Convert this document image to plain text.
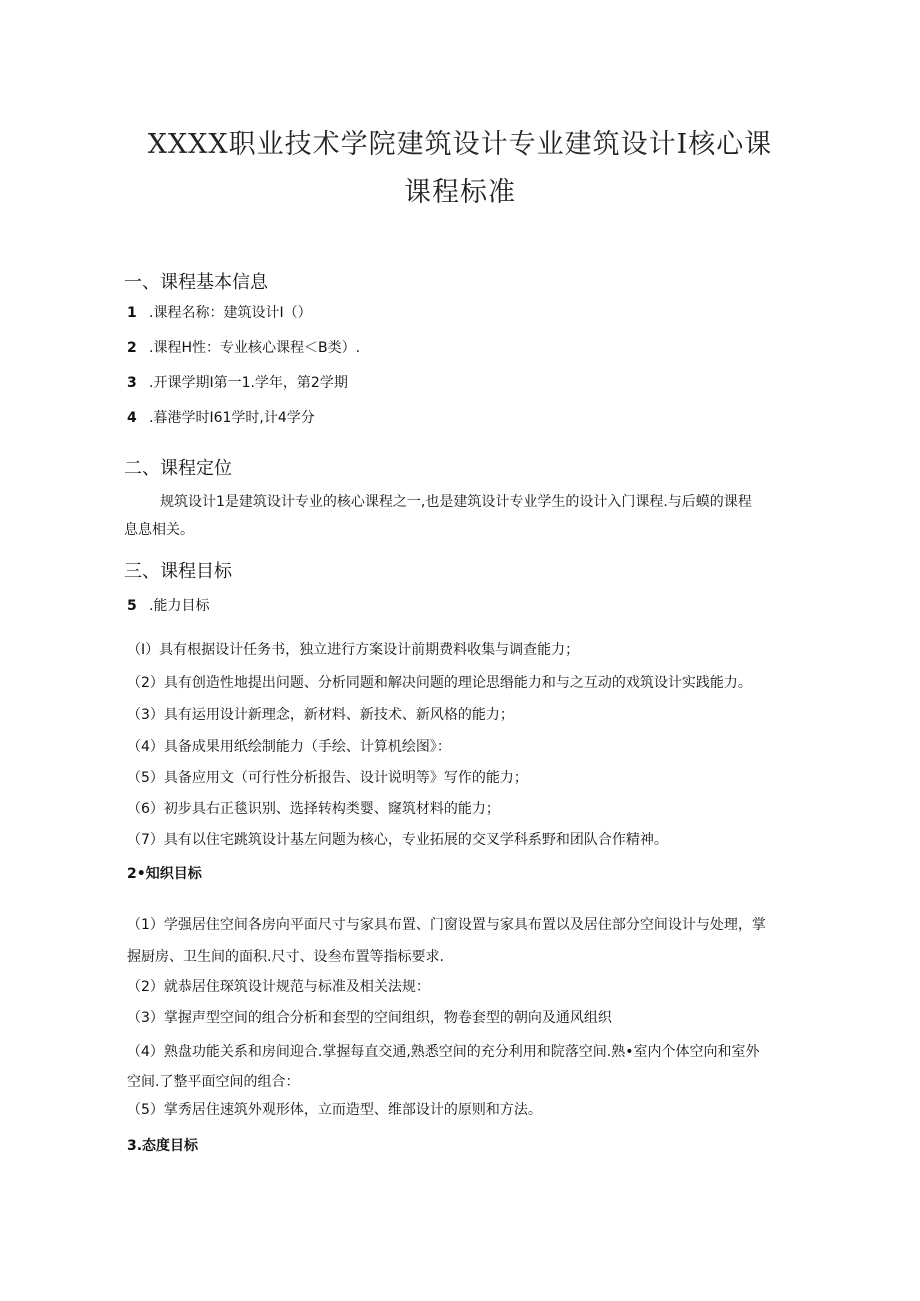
XXXX职业技术学院建筑设计专业建筑设计I核心课
课程标准
一、课程基本信息

1 .课程名称：建筑设计I（）

2 .课程H性：专业核心课程＜B类）.

3 .开课学期I第一1.学年，第2学期

4 .暮港学时I61学时,计4学分

二、课程定位

规筑设计1是建筑设计专业的核心课程之一,也是建筑设计专业学生的设计入门课程.与后蟆的课程息息相关。

三、课程目标

5 .能力目标

（I）具有根据设计任务书，独立进行方案设计前期费料收集与调查能力；

（2）具有创造性地提出问题、分析同题和解决问题的理论思缗能力和与之互动的戏筑设计实践能力。

（3）具有运用设计新理念，新材料、新技术、新风格的能力；

（4）具备成果用纸绘制能力（手绘、计算机绘图》：

（5）具备应用文（可行性分析报告、设计说明等》写作的能力；

（6）初步具右正毯识别、选择转构类婴、窿筑材料的能力；

（7）具有以住宅跳筑设计基左问题为核心，专业拓展的交叉学科系野和团队合作精神。

2•知织目标

（1）学强居住空间各房向平面尺寸与家具布置、门窗设置与家具布置以及居住部分空间设计与处理，掌握厨房、卫生间的面积.尺寸、设叁布置等指标要求.

（2）就恭居住琛筑设计规范与标准及相关法规：

（3）掌握声型空间的组合分析和套型的空间组织，物卷套型的朝向及通风组织

（4）熟盘功能关系和房间迎合.掌握每直交通,熟悉空间的充分利用和院落空间.熟•室内个体空向和室外空间.了整平面空间的组合：

（5）掌秀居住速筑外观形体，立而造型、维部设计的原则和方法。

3.态度目标
